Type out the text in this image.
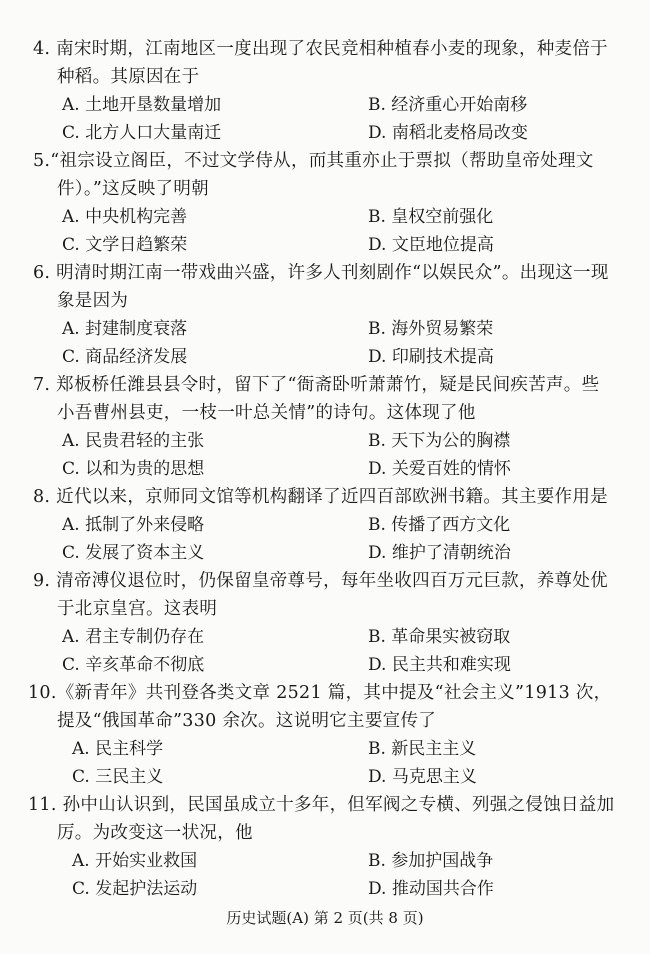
4. 南宋时期，江南地区一度出现了农民竞相种植春小麦的现象，种麦倍于
种稻。其原因在于
A. 土地开垦数量增加	B. 经济重心开始南移
C. 北方人口大量南迁	D. 南稻北麦格局改变
5.“祖宗设立阁臣，不过文学侍从，而其重亦止于票拟（帮助皇帝处理文
件）。”这反映了明朝
A. 中央机构完善	B. 皇权空前强化
C. 文学日趋繁荣	D. 文臣地位提高
6. 明清时期江南一带戏曲兴盛，许多人刊刻剧作“以娱民众”。出现这一现
象是因为
A. 封建制度衰落	B. 海外贸易繁荣
C. 商品经济发展	D. 印刷技术提高
7. 郑板桥任潍县县令时，留下了“衙斋卧听萧萧竹，疑是民间疾苦声。些
小吾曹州县吏，一枝一叶总关情”的诗句。这体现了他
A. 民贵君轻的主张	B. 天下为公的胸襟
C. 以和为贵的思想	D. 关爱百姓的情怀
8. 近代以来，京师同文馆等机构翻译了近四百部欧洲书籍。其主要作用是
A. 抵制了外来侵略	B. 传播了西方文化
C. 发展了资本主义	D. 维护了清朝统治
9. 清帝溥仪退位时，仍保留皇帝尊号，每年坐收四百万元巨款，养尊处优
于北京皇宫。这表明
A. 君主专制仍存在	B. 革命果实被窃取
C. 辛亥革命不彻底	D. 民主共和难实现
10.《新青年》共刊登各类文章 2521 篇，其中提及“社会主义”1913 次，
提及“俄国革命”330 余次。这说明它主要宣传了
A. 民主科学	B. 新民主主义
C. 三民主义	D. 马克思主义
11. 孙中山认识到，民国虽成立十多年，但军阀之专横、列强之侵蚀日益加
厉。为改变这一状况，他
A. 开始实业救国	B. 参加护国战争
C. 发起护法运动	D. 推动国共合作
历史试题(A) 第 2 页(共 8 页)
